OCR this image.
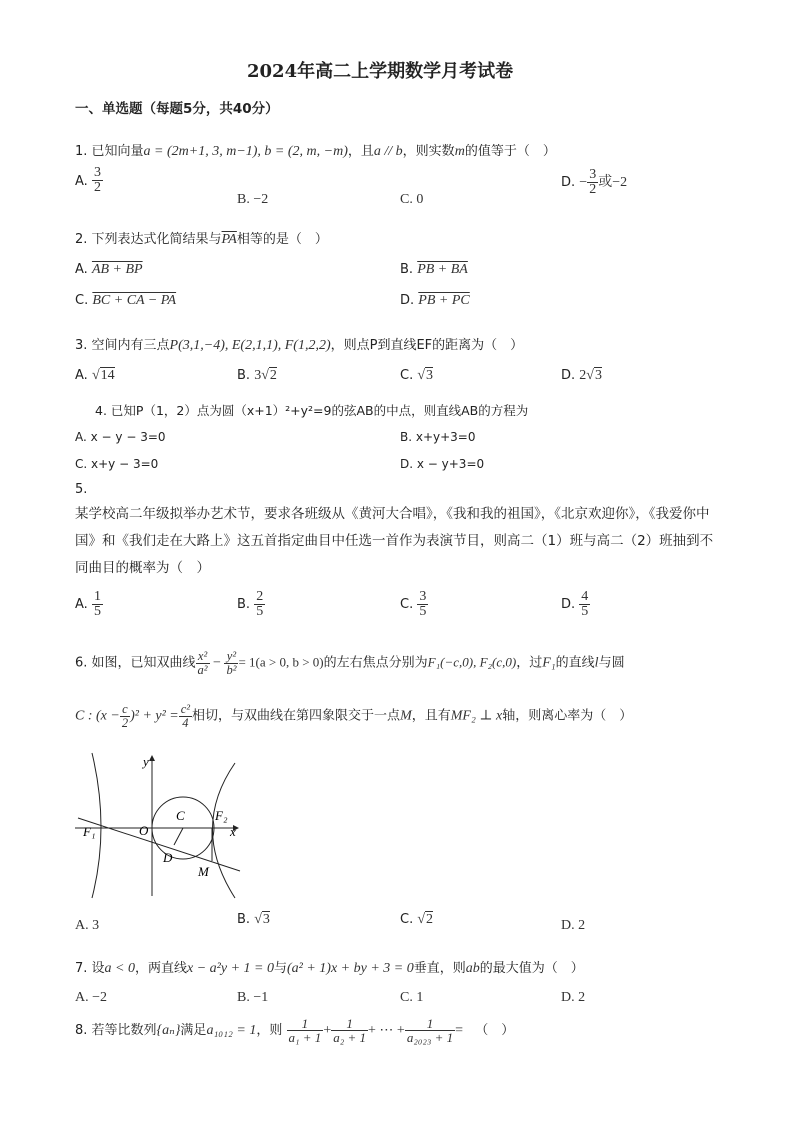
2024年高二上学期数学月考试卷
一、单选题（每题5分，共40分）
1. 已知向量a = (2m+1, 3, m−1), b = (2, m, −m)，且a // b，则实数m的值等于（　）
A. $\frac{3}{2}$
B. −2	C. 0
D. − $\frac{3}{2}$ 或−2
2. 下列表达式化简结果与$\overline{PA}$相等的是（　）
A. AB + BP	B. PB + BA
C. BC + CA − PA	D. PB + PC
3. 空间内有三点P(3,1,−4), E(2,1,1), F(1,2,2)，则点P到直线EF的距离为（　）
A. √14	B. 3√2	C. √3	D. 2√3
4. 已知P（1，2）点为圆（x+1）²+y²=9的弦AB的中点，则直线AB的方程为
A. x − y − 3=0	B. x+y+3=0
C. x+y − 3=0	D. x − y+3=0
5.
某学校高二年级拟举办艺术节，要求各班级从《黄河大合唱》，《我和我的祖国》，《北京欢迎你》，《我爱你中国》和《我们走在大路上》这五首指定曲目中任选一首作为表演节目，则高二（1）班与高二（2）班抽到不同曲目的概率为（　）
A. $\frac{1}{5}$	B. $\frac{2}{5}$	C. $\frac{3}{5}$	D. $\frac{4}{5}$
6. 如图，已知双曲线 $\frac{\text{x²}}{\text{a²}} - \frac{\text{y²}}{\text{b²}} = 1(a > 0$, b > 0)的左右焦点分别为F₁(−c,0), F₂(c,0)，过F₁的直线l与圆
C : $(x - \frac{c}{2} )^2 + y^2 = \frac{\text{c²}}{4}$ 相切，与双曲线在第四象限交于一点M，且有MF₂ ⊥ x轴，则离心率为（　）
y
x
O
C
F₁
F₂
D
M
A. 3	B. √3	C. √2	D. 2
7. 设a < 0，两直线x − a²y + 1 = 0与(a² + 1)x + by + 3 = 0垂直，则ab的最大值为（　）
A. −2	B. −1	C. 1	D. 2
8. 若等比数列{aₙ}满足a₁₀₁₂ = 1，则 $\frac{1}{\text{a₁ + 1}} + \frac{1}{\text{a₂ + 1}}$ + ⋯ + $\frac{1}{\text{a₂₀₂₃ + 1}}$ = （　）
